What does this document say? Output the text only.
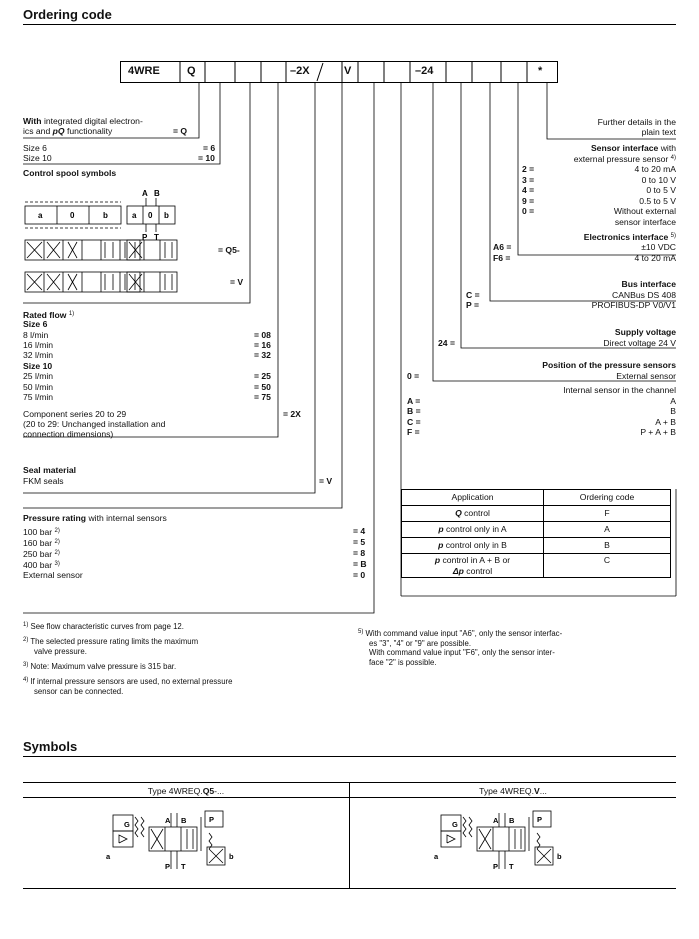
Ordering code
4WRE Q	–2X	V	–24	*
With integrated digital electron-
ics and pQ functionality	= Q
Size 6	= 6
Size 10	= 10
Control spool symbols
a	0	b	a 0 b
A B
P T
= Q5-
= V
Rated flow $^{1)}$
Size 6
8 l/min	= 08
16 l/min	= 16
32 l/min	= 32
Size 10
25 l/min	= 25
50 l/min	= 50
75 l/min	= 75
Component series 20 to 29	= 2X
(20 to 29: Unchanged installation and
connection dimensions)
Seal material
FKM seals	= V
Pressure rating with internal sensors
100 bar $^{2)}$	= 4
160 bar $^{2)}$	= 5
250 bar $^{2)}$	= 8
400 bar $^{3)}$	= B
External sensor	= 0
Further details in the
plain text
Sensor interface with
external pressure sensor $^{4)}$
2 =	4 to 20 mA
3 =	0 to 10 V
4 =	0 to 5 V
9 =	0.5 to 5 V
0 =	Without external
sensor interface
Electronics interface $^{5)}$
A6 =	±10 VDC
F6 =	4 to 20 mA
Bus interface
C =	CANBus DS 408
P =	PROFIBUS-DP V0/V1
Supply voltage
24 =	Direct voltage 24 V
Position of the pressure sensors
0 =	External sensor
Internal sensor in the channel
A =	A
B =	B
C =	A + B
F =	P + A + B
Application	Ordering code
Q control	F
p control only in A	A
p control only in B	B
p control in A + B or
Δp control	C
$^{1)}$ See flow characteristic curves from page 12.
$^{2)}$ The selected pressure rating limits the maximum
valve pressure.
$^{3)}$ Note: Maximum valve pressure is 315 bar.
$^{4)}$ If internal pressure sensors are used, no external pressure
sensor can be connected.
$^{5)}$ With command value input "A6", only the sensor interfac-
es "3", "4" or "9" are possible.
With command value input "F6", only the sensor inter-
face "2" is possible.
Symbols
Type 4WREQ.Q5-...	Type 4WREQ.V...
a
G	A B
P T
P
b	a
G	A B
P T
P
b
